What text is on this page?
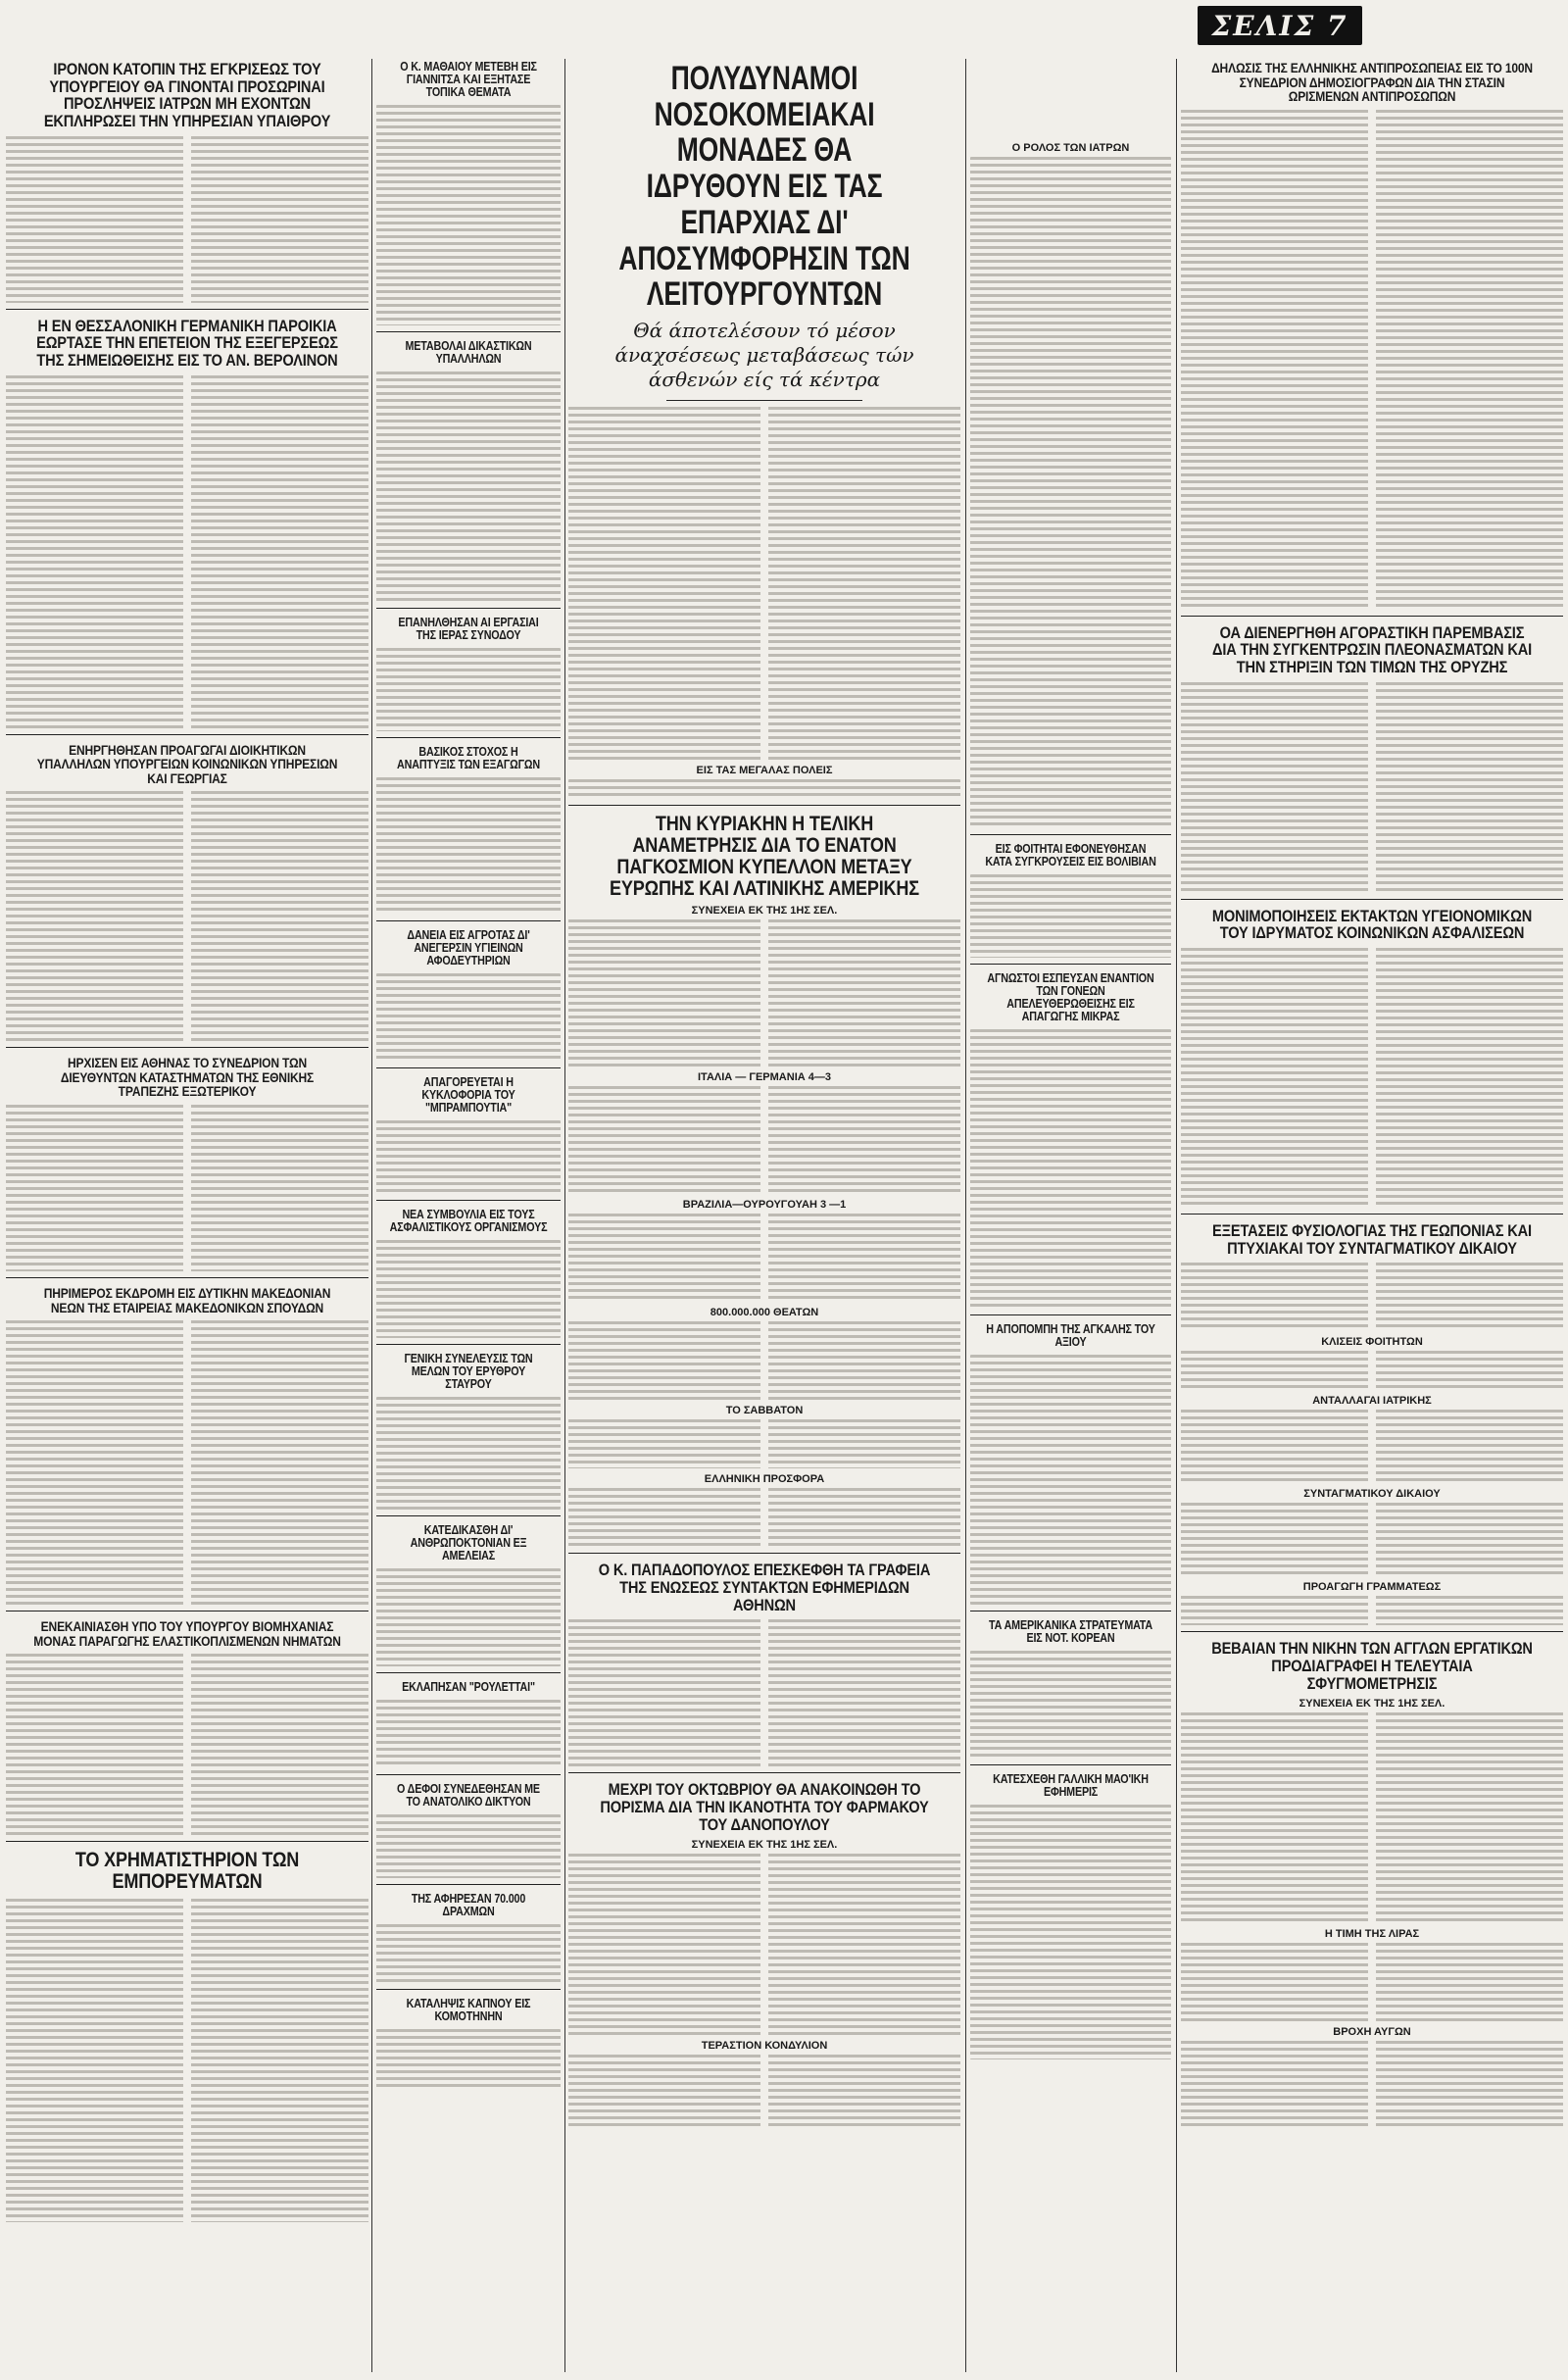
ΣΕΛΙΣ 7
ΙΡΟΝΟΝ ΚΑΤΟΠΙΝ ΤΗΣ ΕΓΚΡΙΣΕΩΣ ΤΟΥ ΥΠΟΥΡΓΕΙΟΥ ΘΑ ΓΙΝΟΝΤΑΙ ΠΡΟΣΩΡΙΝΑΙ ΠΡΟΣΛΗΨΕΙΣ ΙΑΤΡΩΝ ΜΗ ΕΧΟΝΤΩΝ ΕΚΠΛΗΡΩΣΕΙ ΤΗΝ ΥΠΗΡΕΣΙΑΝ ΥΠΑΙΘΡΟΥ
Η ΕΝ ΘΕΣΣΑΛΟΝΙΚΗ ΓΕΡΜΑΝΙΚΗ ΠΑΡΟΙΚΙΑ ΕΩΡΤΑΣΕ ΤΗΝ ΕΠΕΤΕΙΟΝ ΤΗΣ ΕΞΕΓΕΡΣΕΩΣ ΤΗΣ ΣΗΜΕΙΩΘΕΙΣΗΣ ΕΙΣ ΤΟ ΑΝ. ΒΕΡΟΛΙΝΟΝ
ΕΝΗΡΓΗΘΗΣΑΝ ΠΡΟΑΓΩΓΑΙ ΔΙΟΙΚΗΤΙΚΩΝ ΥΠΑΛΛΗΛΩΝ ΥΠΟΥΡΓΕΙΩΝ ΚΟΙΝΩΝΙΚΩΝ ΥΠΗΡΕΣΙΩΝ ΚΑΙ ΓΕΩΡΓΙΑΣ
ΗΡΧΙΣΕΝ ΕΙΣ ΑΘΗΝΑΣ ΤΟ ΣΥΝΕΔΡΙΟΝ ΤΩΝ ΔΙΕΥΘΥΝΤΩΝ ΚΑΤΑΣΤΗΜΑΤΩΝ ΤΗΣ ΕΘΝΙΚΗΣ ΤΡΑΠΕΖΗΣ ΕΞΩΤΕΡΙΚΟΥ
ΠΗΡΙΜΕΡΟΣ ΕΚΔΡΟΜΗ ΕΙΣ ΔΥΤΙΚΗΝ ΜΑΚΕΔΟΝΙΑΝ ΝΕΩΝ ΤΗΣ ΕΤΑΙΡΕΙΑΣ ΜΑΚΕΔΟΝΙΚΩΝ ΣΠΟΥΔΩΝ
ΕΝΕΚΑΙΝΙΑΣΘΗ ΥΠΟ ΤΟΥ ΥΠΟΥΡΓΟΥ ΒΙΟΜΗΧΑΝΙΑΣ ΜΟΝΑΣ ΠΑΡΑΓΩΓΗΣ ΕΛΑΣΤΙΚΟΠΛΙΣΜΕΝΩΝ ΝΗΜΑΤΩΝ
ΤΟ ΧΡΗΜΑΤΙΣΤΗΡΙΟΝ ΤΩΝ ΕΜΠΟΡΕΥΜΑΤΩΝ
Ο Κ. ΜΑΘΑΙΟΥ ΜΕΤΕΒΗ ΕΙΣ ΓΙΑΝΝΙΤΣΑ ΚΑΙ ΕΞΗΤΑΣΕ ΤΟΠΙΚΑ ΘΕΜΑΤΑ
ΜΕΤΑΒΟΛΑΙ ΔΙΚΑΣΤΙΚΩΝ ΥΠΑΛΛΗΛΩΝ
ΕΠΑΝΗΛΘΗΣΑΝ ΑΙ ΕΡΓΑΣΙΑΙ ΤΗΣ ΙΕΡΑΣ ΣΥΝΟΔΟΥ
ΒΑΣΙΚΟΣ ΣΤΟΧΟΣ Η ΑΝΑΠΤΥΞΙΣ ΤΩΝ ΕΞΑΓΩΓΩΝ
ΔΑΝΕΙΑ ΕΙΣ ΑΓΡΟΤΑΣ ΔΙ' ΑΝΕΓΕΡΣΙΝ ΥΓΙΕΙΝΩΝ ΑΦΟΔΕΥΤΗΡΙΩΝ
ΑΠΑΓΟΡΕΥΕΤΑΙ Η ΚΥΚΛΟΦΟΡΙΑ ΤΟΥ "ΜΠΡΑΜΠΟΥΤΙΑ"
ΝΕΑ ΣΥΜΒΟΥΛΙΑ ΕΙΣ ΤΟΥΣ ΑΣΦΑΛΙΣΤΙΚΟΥΣ ΟΡΓΑΝΙΣΜΟΥΣ
ΓΕΝΙΚΗ ΣΥΝΕΛΕΥΣΙΣ ΤΩΝ ΜΕΛΩΝ ΤΟΥ ΕΡΥΘΡΟΥ ΣΤΑΥΡΟΥ
ΚΑΤΕΔΙΚΑΣΘΗ ΔΙ' ΑΝΘΡΩΠΟΚΤΟΝΙΑΝ ΕΞ ΑΜΕΛΕΙΑΣ
ΕΚΛΑΠΗΣΑΝ "ΡΟΥΛΕΤΤΑΙ"
Ο ΔΕΦΟΙ ΣΥΝΕΔΕΘΗΣΑΝ ΜΕ ΤΟ ΑΝΑΤΟΛΙΚΟ ΔΙΚΤΥΟΝ
ΤΗΣ ΑΦΗΡΕΣΑΝ 70.000 ΔΡΑΧΜΩΝ
ΚΑΤΑΛΗΨΙΣ ΚΑΠΝΟΥ ΕΙΣ ΚΟΜΟΤΗΝΗΝ
ΠΟΛΥΔΥΝΑΜΟΙ ΝΟΣΟΚΟΜΕΙΑΚΑΙ ΜΟΝΑΔΕΣ ΘΑ ΙΔΡΥΘΟΥΝ ΕΙΣ ΤΑΣ ΕΠΑΡΧΙΑΣ ΔΙ' ΑΠΟΣΥΜΦΟΡΗΣΙΝ ΤΩΝ ΛΕΙΤΟΥΡΓΟΥΝΤΩΝ
Θά άποτελέσουν τό μέσον άναχσέσεως μεταβάσεως τών άσθενών είς τά κέντρα
ΕΙΣ ΤΑΣ ΜΕΓΑΛΑΣ ΠΟΛΕΙΣ
ΤΗΝ ΚΥΡΙΑΚΗΝ Η ΤΕΛΙΚΗ ΑΝΑΜΕΤΡΗΣΙΣ ΔΙΑ ΤΟ ΕΝΑΤΟΝ ΠΑΓΚΟΣΜΙΟΝ ΚΥΠΕΛΛΟΝ ΜΕΤΑΞΥ ΕΥΡΩΠΗΣ ΚΑΙ ΛΑΤΙΝΙΚΗΣ ΑΜΕΡΙΚΗΣ
ΣΥΝΕΧΕΙΑ ΕΚ ΤΗΣ 1ΗΣ ΣΕΛ.
ΙΤΑΛΙΑ — ΓΕΡΜΑΝΙΑ 4—3
ΒΡΑΖΙΛΙΑ—ΟΥΡΟΥΓΟΥΑΗ 3 —1
800.000.000 ΘΕΑΤΩΝ
ΤΟ ΣΑΒΒΑΤΟΝ
ΕΛΛΗΝΙΚΗ ΠΡΟΣΦΟΡΑ
Ο Κ. ΠΑΠΑΔΟΠΟΥΛΟΣ ΕΠΕΣΚΕΦΘΗ ΤΑ ΓΡΑΦΕΙΑ ΤΗΣ ΕΝΩΣΕΩΣ ΣΥΝΤΑΚΤΩΝ ΕΦΗΜΕΡΙΔΩΝ ΑΘΗΝΩΝ
ΜΕΧΡΙ ΤΟΥ ΟΚΤΩΒΡΙΟΥ ΘΑ ΑΝΑΚΟΙΝΩΘΗ ΤΟ ΠΟΡΙΣΜΑ ΔΙΑ ΤΗΝ ΙΚΑΝΟΤΗΤΑ ΤΟΥ ΦΑΡΜΑΚΟΥ ΤΟΥ ΔΑΝΟΠΟΥΛΟΥ
ΣΥΝΕΧΕΙΑ ΕΚ ΤΗΣ 1ΗΣ ΣΕΛ.
ΤΕΡΑΣΤΙΟΝ ΚΟΝΔΥΛΙΟΝ
Ο ΡΟΛΟΣ ΤΩΝ ΙΑΤΡΩΝ
ΕΙΣ ΦΟΙΤΗΤΑΙ ΕΦΟΝΕΥΘΗΣΑΝ ΚΑΤΑ ΣΥΓΚΡΟΥΣΕΙΣ ΕΙΣ ΒΟΛΙΒΙΑΝ
ΑΓΝΩΣΤΟΙ ΕΣΠΕΥΣΑΝ ΕΝΑΝΤΙΟΝ ΤΩΝ ΓΟΝΕΩΝ ΑΠΕΛΕΥΘΕΡΩΘΕΙΣΗΣ ΕΙΣ ΑΠΑΓΩΓΗΣ ΜΙΚΡΑΣ
Η ΑΠΟΠΟΜΠΗ ΤΗΣ ΑΓΚΑΛΗΣ ΤΟΥ ΑΞΙΟΥ
ΤΑ ΑΜΕΡΙΚΑΝΙΚΑ ΣΤΡΑΤΕΥΜΑΤΑ ΕΙΣ ΝΟΤ. ΚΟΡΕΑΝ
ΚΑΤΕΣΧΕΘΗ ΓΑΛΛΙΚΗ ΜΑΟ'ΙΚΗ ΕΦΗΜΕΡΙΣ
ΔΗΛΩΣΙΣ ΤΗΣ ΕΛΛΗΝΙΚΗΣ ΑΝΤΙΠΡΟΣΩΠΕΙΑΣ ΕΙΣ ΤΟ 100Ν ΣΥΝΕΔΡΙΟΝ ΔΗΜΟΣΙΟΓΡΑΦΩΝ ΔΙΑ ΤΗΝ ΣΤΑΣΙΝ ΩΡΙΣΜΕΝΩΝ ΑΝΤΙΠΡΟΣΩΠΩΝ
ΟΑ ΔΙΕΝΕΡΓΗΘΗ ΑΓΟΡΑΣΤΙΚΗ ΠΑΡΕΜΒΑΣΙΣ ΔΙΑ ΤΗΝ ΣΥΓΚΕΝΤΡΩΣΙΝ ΠΛΕΟΝΑΣΜΑΤΩΝ ΚΑΙ ΤΗΝ ΣΤΗΡΙΞΙΝ ΤΩΝ ΤΙΜΩΝ ΤΗΣ ΟΡΥΖΗΣ
ΜΟΝΙΜΟΠΟΙΗΣΕΙΣ ΕΚΤΑΚΤΩΝ ΥΓΕΙΟΝΟΜΙΚΩΝ ΤΟΥ ΙΔΡΥΜΑΤΟΣ ΚΟΙΝΩΝΙΚΩΝ ΑΣΦΑΛΙΣΕΩΝ
ΕΞΕΤΑΣΕΙΣ ΦΥΣΙΟΛΟΓΙΑΣ ΤΗΣ ΓΕΩΠΟΝΙΑΣ ΚΑΙ ΠΤΥΧΙΑΚΑΙ ΤΟΥ ΣΥΝΤΑΓΜΑΤΙΚΟΥ ΔΙΚΑΙΟΥ
ΚΛΙΣΕΙΣ ΦΟΙΤΗΤΩΝ
ΑΝΤΑΛΛΑΓΑΙ ΙΑΤΡΙΚΗΣ
ΣΥΝΤΑΓΜΑΤΙΚΟΥ ΔΙΚΑΙΟΥ
ΠΡΟΑΓΩΓΗ ΓΡΑΜΜΑΤΕΩΣ
ΒΕΒΑΙΑΝ ΤΗΝ ΝΙΚΗΝ ΤΩΝ ΑΓΓΛΩΝ ΕΡΓΑΤΙΚΩΝ ΠΡΟΔΙΑΓΡΑΦΕΙ Η ΤΕΛΕΥΤΑΙΑ ΣΦΥΓΜΟΜΕΤΡΗΣΙΣ
ΣΥΝΕΧΕΙΑ ΕΚ ΤΗΣ 1ΗΣ ΣΕΛ.
Η ΤΙΜΗ ΤΗΣ ΛΙΡΑΣ
ΒΡΟΧΗ ΑΥΓΩΝ
